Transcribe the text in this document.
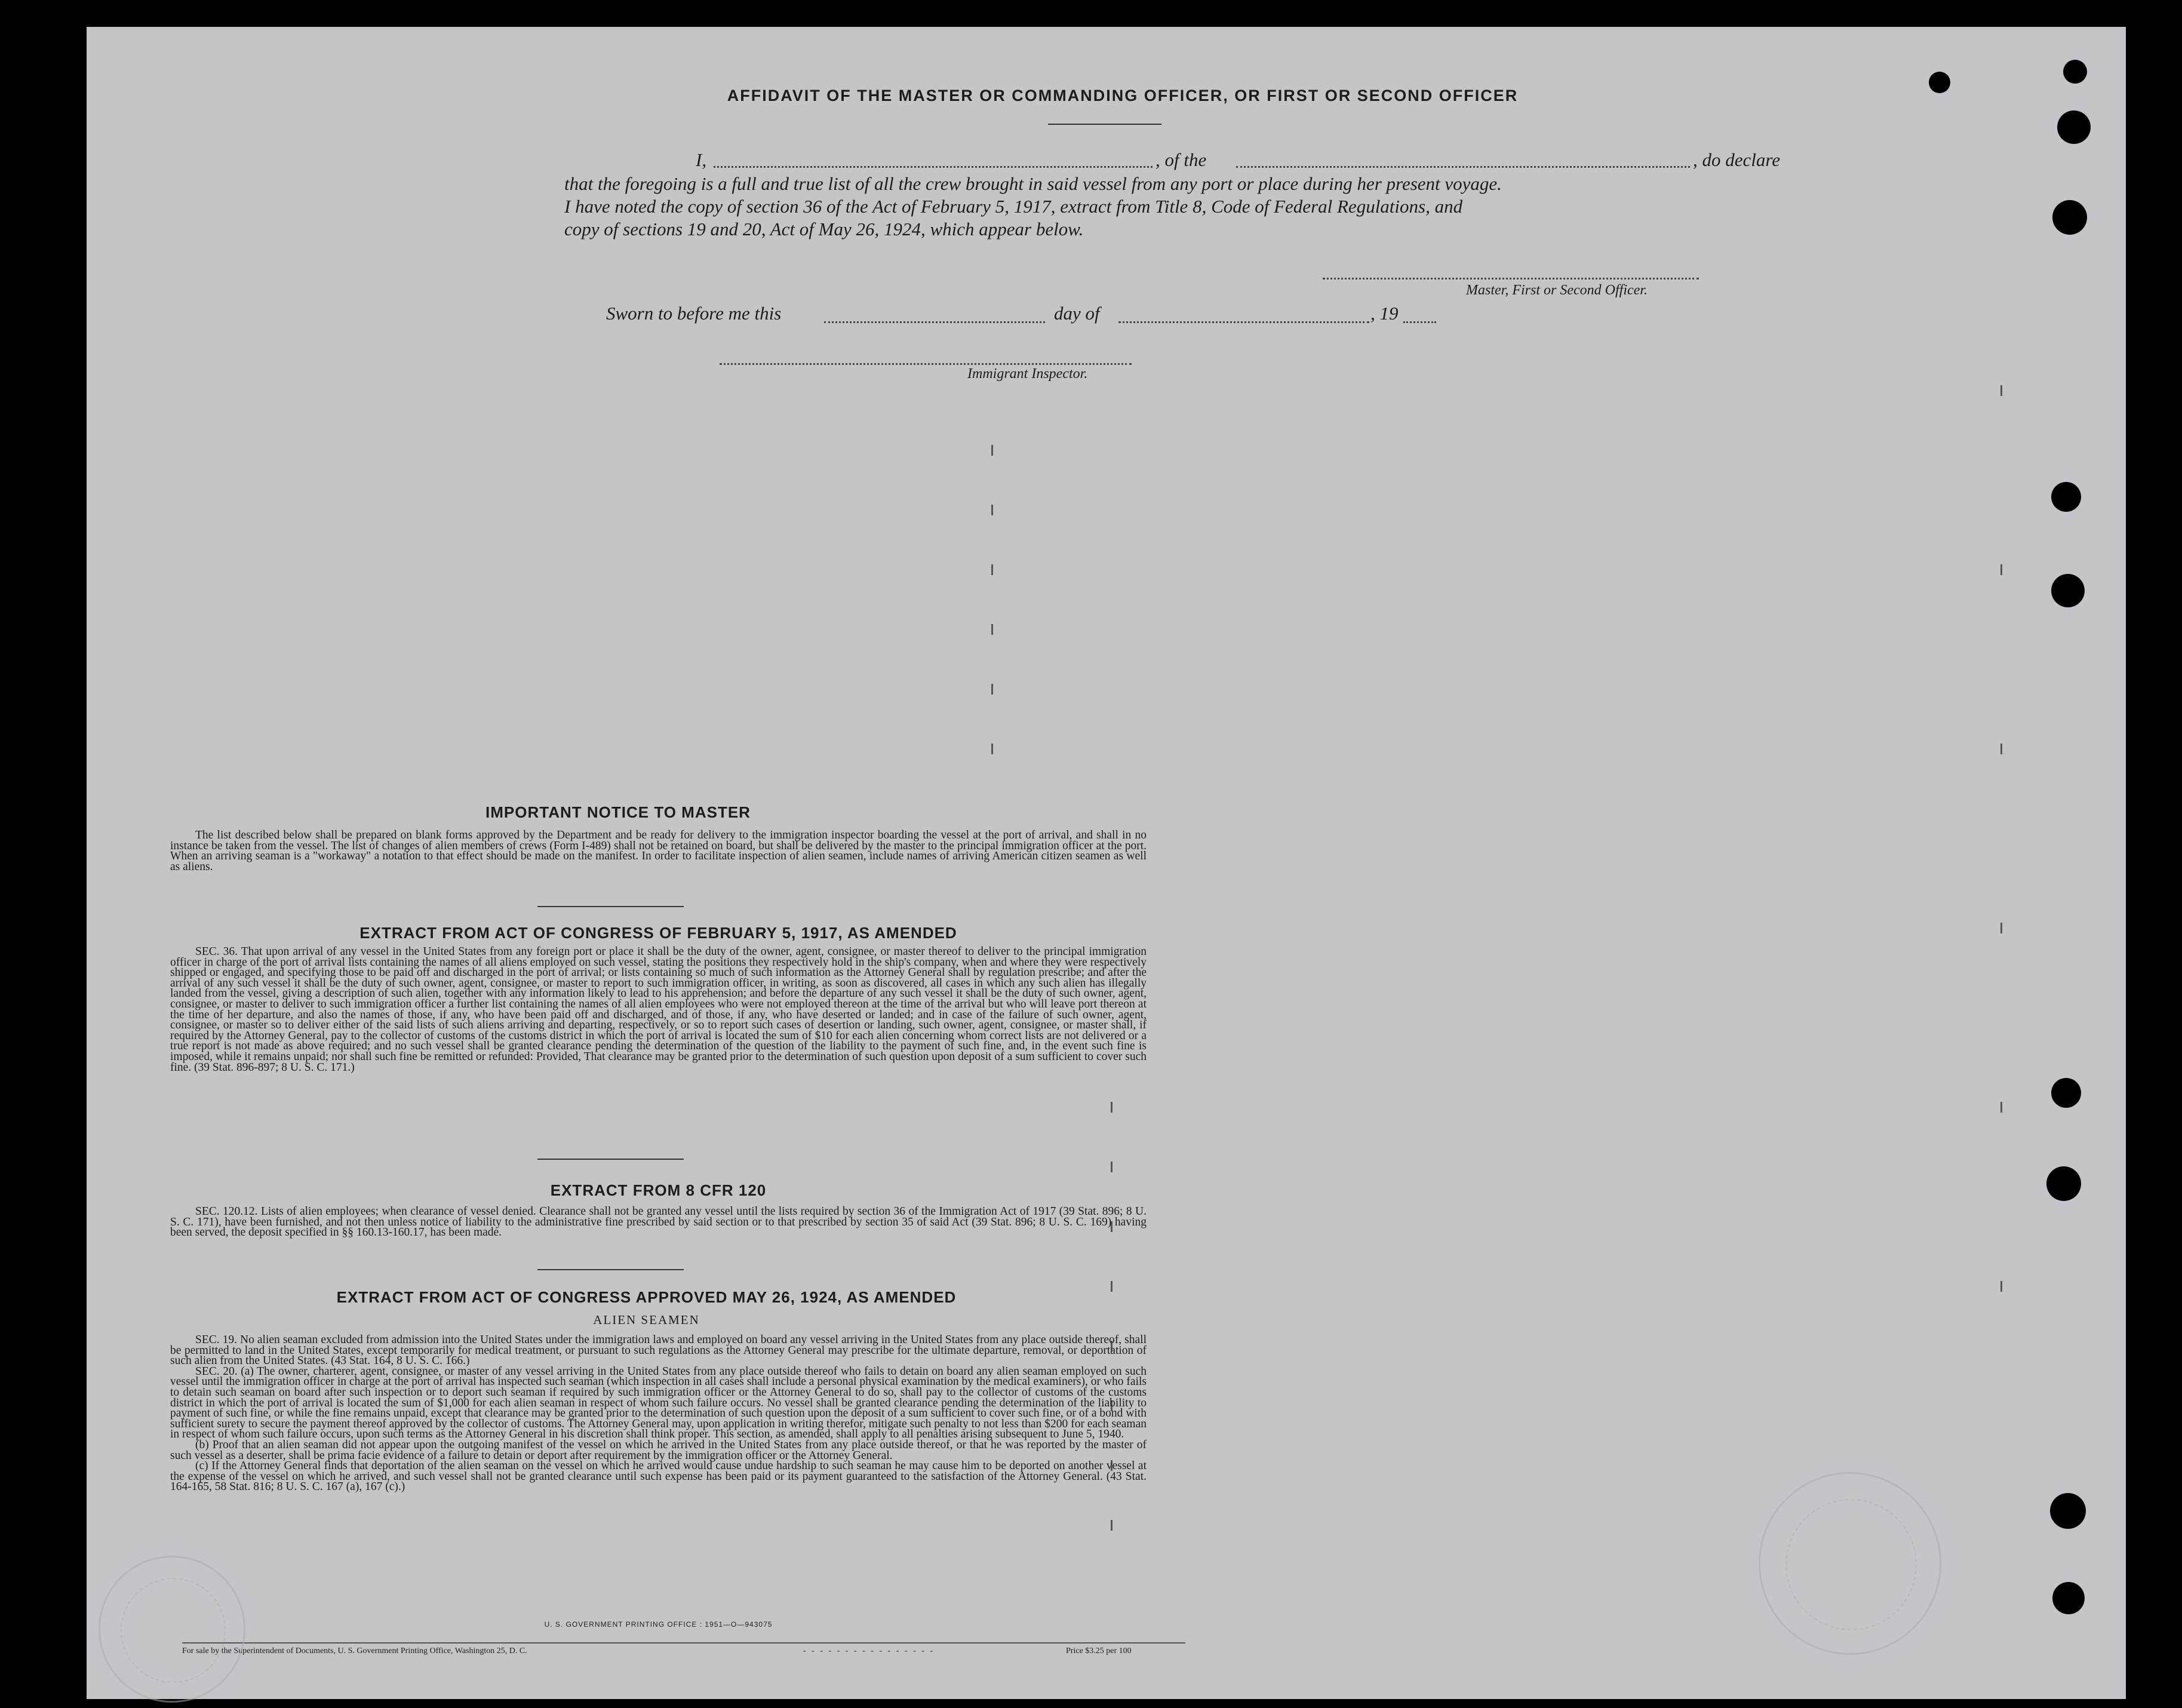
AFFIDAVIT OF THE MASTER OR COMMANDING OFFICER, OR FIRST OR SECOND OFFICER
I,	, of the	, do declare
that the foregoing is a full and true list of all the crew brought in said vessel from any port or place during her present voyage.
I have noted the copy of section 36 of the Act of February 5, 1917, extract from Title 8, Code of Federal Regulations, and
copy of sections 19 and 20, Act of May 26, 1924, which appear below.
Master, First or Second Officer.
Sworn to before me this	day of	, 19
Immigrant Inspector.
IMPORTANT NOTICE TO MASTER

The list described below shall be prepared on blank forms approved by the Department and be ready for delivery to the immigration inspector boarding the vessel at the port of arrival, and shall in no instance be taken from the vessel. The list of changes of alien members of crews (Form I-489) shall not be retained on board, but shall be delivered by the master to the principal immigration officer at the port. When an arriving seaman is a "workaway" a notation to that effect should be made on the manifest. In order to facilitate inspection of alien seamen, include names of arriving American citizen seamen as well as aliens.

EXTRACT FROM ACT OF CONGRESS OF FEBRUARY 5, 1917, AS AMENDED

SEC. 36. That upon arrival of any vessel in the United States from any foreign port or place it shall be the duty of the owner, agent, consignee, or master thereof to deliver to the principal immigration officer in charge of the port of arrival lists containing the names of all aliens employed on such vessel, stating the positions they respectively hold in the ship's company, when and where they were respectively shipped or engaged, and specifying those to be paid off and discharged in the port of arrival; or lists containing so much of such information as the Attorney General shall by regulation prescribe; and after the arrival of any such vessel it shall be the duty of such owner, agent, consignee, or master to report to such immigration officer, in writing, as soon as discovered, all cases in which any such alien has illegally landed from the vessel, giving a description of such alien, together with any information likely to lead to his apprehension; and before the departure of any such vessel it shall be the duty of such owner, agent, consignee, or master to deliver to such immigration officer a further list containing the names of all alien employees who were not employed thereon at the time of the arrival but who will leave port thereon at the time of her departure, and also the names of those, if any, who have been paid off and discharged, and of those, if any, who have deserted or landed; and in case of the failure of such owner, agent, consignee, or master so to deliver either of the said lists of such aliens arriving and departing, respectively, or so to report such cases of desertion or landing, such owner, agent, consignee, or master shall, if required by the Attorney General, pay to the collector of customs of the customs district in which the port of arrival is located the sum of $10 for each alien concerning whom correct lists are not delivered or a true report is not made as above required; and no such vessel shall be granted clearance pending the determination of the question of the liability to the payment of such fine, and, in the event such fine is imposed, while it remains unpaid; nor shall such fine be remitted or refunded: Provided, That clearance may be granted prior to the determination of such question upon deposit of a sum sufficient to cover such fine. (39 Stat. 896-897; 8 U. S. C. 171.)

EXTRACT FROM 8 CFR 120

SEC. 120.12. Lists of alien employees; when clearance of vessel denied. Clearance shall not be granted any vessel until the lists required by section 36 of the Immigration Act of 1917 (39 Stat. 896; 8 U. S. C. 171), have been furnished, and not then unless notice of liability to the administrative fine prescribed by said section or to that prescribed by section 35 of said Act (39 Stat. 896; 8 U. S. C. 169) having been served, the deposit specified in §§ 160.13-160.17, has been made.

EXTRACT FROM ACT OF CONGRESS APPROVED MAY 26, 1924, AS AMENDED
ALIEN SEAMEN

SEC. 19. No alien seaman excluded from admission into the United States under the immigration laws and employed on board any vessel arriving in the United States from any place outside thereof, shall be permitted to land in the United States, except temporarily for medical treatment, or pursuant to such regulations as the Attorney General may prescribe for the ultimate departure, removal, or deportation of such alien from the United States. (43 Stat. 164, 8 U. S. C. 166.)

SEC. 20. (a) The owner, charterer, agent, consignee, or master of any vessel arriving in the United States from any place outside thereof who fails to detain on board any alien seaman employed on such vessel until the immigration officer in charge at the port of arrival has inspected such seaman (which inspection in all cases shall include a personal physical examination by the medical examiners), or who fails to detain such seaman on board after such inspection or to deport such seaman if required by such immigration officer or the Attorney General to do so, shall pay to the collector of customs of the customs district in which the port of arrival is located the sum of $1,000 for each alien seaman in respect of whom such failure occurs. No vessel shall be granted clearance pending the determination of the liability to payment of such fine, or while the fine remains unpaid, except that clearance may be granted prior to the determination of such question upon the deposit of a sum sufficient to cover such fine, or of a bond with sufficient surety to secure the payment thereof approved by the collector of customs. The Attorney General may, upon application in writing therefor, mitigate such penalty to not less than $200 for each seaman in respect of whom such failure occurs, upon such terms as the Attorney General in his discretion shall think proper. This section, as amended, shall apply to all penalties arising subsequent to June 5, 1940.

(b) Proof that an alien seaman did not appear upon the outgoing manifest of the vessel on which he arrived in the United States from any place outside thereof, or that he was reported by the master of such vessel as a deserter, shall be prima facie evidence of a failure to detain or deport after requirement by the immigration officer or the Attorney General.

(c) If the Attorney General finds that deportation of the alien seaman on the vessel on which he arrived would cause undue hardship to such seaman he may cause him to be deported on another vessel at the expense of the vessel on which he arrived, and such vessel shall not be granted clearance until such expense has been paid or its payment guaranteed to the satisfaction of the Attorney General. (43 Stat. 164-165, 58 Stat. 816; 8 U. S. C. 167 (a), 167 (c).)

U. S. GOVERNMENT PRINTING OFFICE : 1951—O—943075
For sale by the Superintendent of Documents, U. S. Government Printing Office, Washington 25, D. C.	- - - - - - - - - - - - - - - -	Price $3.25 per 100
